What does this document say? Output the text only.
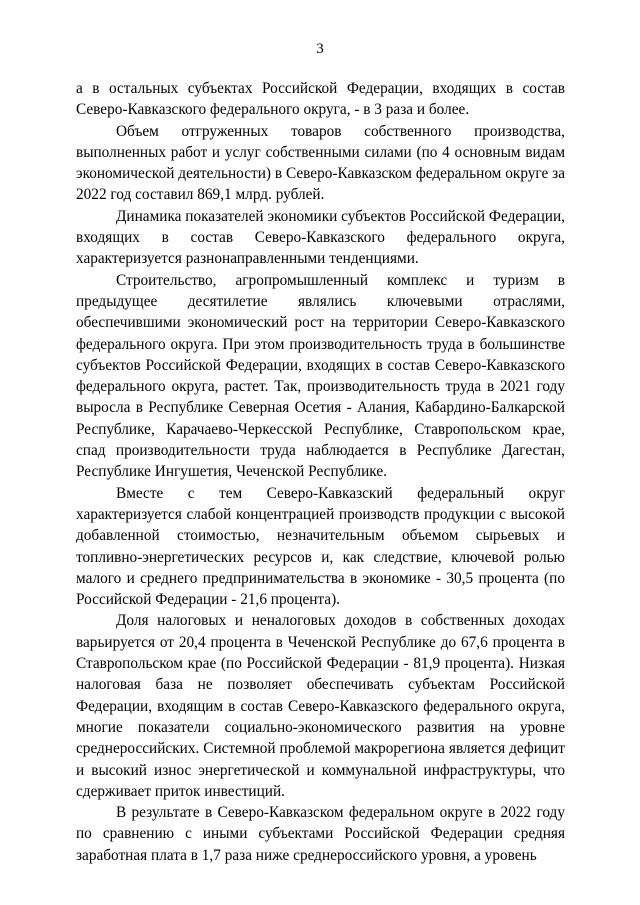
3

а в остальных субъектах Российской Федерации, входящих в состав Северо-Кавказского федерального округа, - в 3 раза и более.

Объем отгруженных товаров собственного производства, выполненных работ и услуг собственными силами (по 4 основным видам экономической деятельности) в Северо-Кавказском федеральном округе за 2022 год составил 869,1 млрд. рублей.

Динамика показателей экономики субъектов Российской Федерации, входящих в состав Северо-Кавказского федерального округа, характеризуется разнонаправленными тенденциями.

Строительство, агропромышленный комплекс и туризм в предыдущее десятилетие являлись ключевыми отраслями, обеспечившими экономический рост на территории Северо-Кавказского федерального округа. При этом производительность труда в большинстве субъектов Российской Федерации, входящих в состав Северо-Кавказского федерального округа, растет. Так, производительность труда в 2021 году выросла в Республике Северная Осетия - Алания, Кабардино-Балкарской Республике, Карачаево-Черкесской Республике, Ставропольском крае, спад производительности труда наблюдается в Республике Дагестан, Республике Ингушетия, Чеченской Республике.

Вместе с тем Северо-Кавказский федеральный округ характеризуется слабой концентрацией производств продукции с высокой добавленной стоимостью, незначительным объемом сырьевых и топливно-энергетических ресурсов и, как следствие, ключевой ролью малого и среднего предпринимательства в экономике - 30,5 процента (по Российской Федерации - 21,6 процента).

Доля налоговых и неналоговых доходов в собственных доходах варьируется от 20,4 процента в Чеченской Республике до 67,6 процента в Ставропольском крае (по Российской Федерации - 81,9 процента). Низкая налоговая база не позволяет обеспечивать субъектам Российской Федерации, входящим в состав Северо-Кавказского федерального округа, многие показатели социально-экономического развития на уровне среднероссийских. Системной проблемой макрорегиона является дефицит и высокий износ энергетической и коммунальной инфраструктуры, что сдерживает приток инвестиций.

В результате в Северо-Кавказском федеральном округе в 2022 году по сравнению с иными субъектами Российской Федерации средняя заработная плата в 1,7 раза ниже среднероссийского уровня, а уровень
